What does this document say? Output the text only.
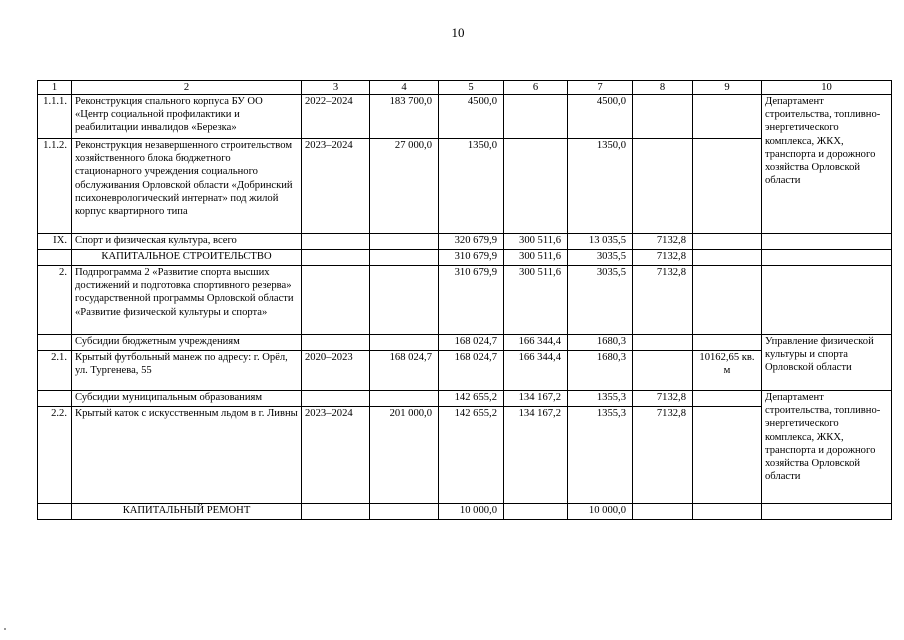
10
1	2	3	4	5	6	7	8	9	10
1.1.1.	Реконструкция спального корпуса БУ ОО «Центр социальной профилактики и реабилитации инвалидов «Березка»	2022–2024	183 700,0	4500,0		4500,0			Департамент строительства, топливно-энергетического комплекса, ЖКХ, транспорта и дорожного хозяйства Орловской области
1.1.2.	Реконструкция незавершенного строительством хозяйственного блока бюджетного стационарного учреждения социального обслуживания Орловской области «Добринский психоневрологический интернат» под жилой корпус квартирного типа	2023–2024	27 000,0	1350,0		1350,0			
IX.	Спорт и физическая культура, всего			320 679,9	300 511,6	13 035,5	7132,8		
	КАПИТАЛЬНОЕ СТРОИТЕЛЬСТВО			310 679,9	300 511,6	3035,5	7132,8		
2.	Подпрограмма 2 «Развитие спорта высших достижений и подготовка спортивного резерва» государственной программы Орловской области «Развитие физической культуры и спорта»			310 679,9	300 511,6	3035,5	7132,8		
	Субсидии бюджетным учреждениям			168 024,7	166 344,4	1680,3			Управление физической культуры и спорта Орловской области
2.1.	Крытый футбольный манеж по адресу: г. Орёл, ул. Тургенева, 55	2020–2023	168 024,7	168 024,7	166 344,4	1680,3		10162,65 кв. м	
	Субсидии муниципальным образованиям			142 655,2	134 167,2	1355,3	7132,8		Департамент строительства, топливно-энергетического комплекса, ЖКХ, транспорта и дорожного хозяйства Орловской области
2.2.	Крытый каток с искусственным льдом в г. Ливны	2023–2024	201 000,0	142 655,2	134 167,2	1355,3	7132,8		
	КАПИТАЛЬНЫЙ РЕМОНТ			10 000,0		10 000,0			
